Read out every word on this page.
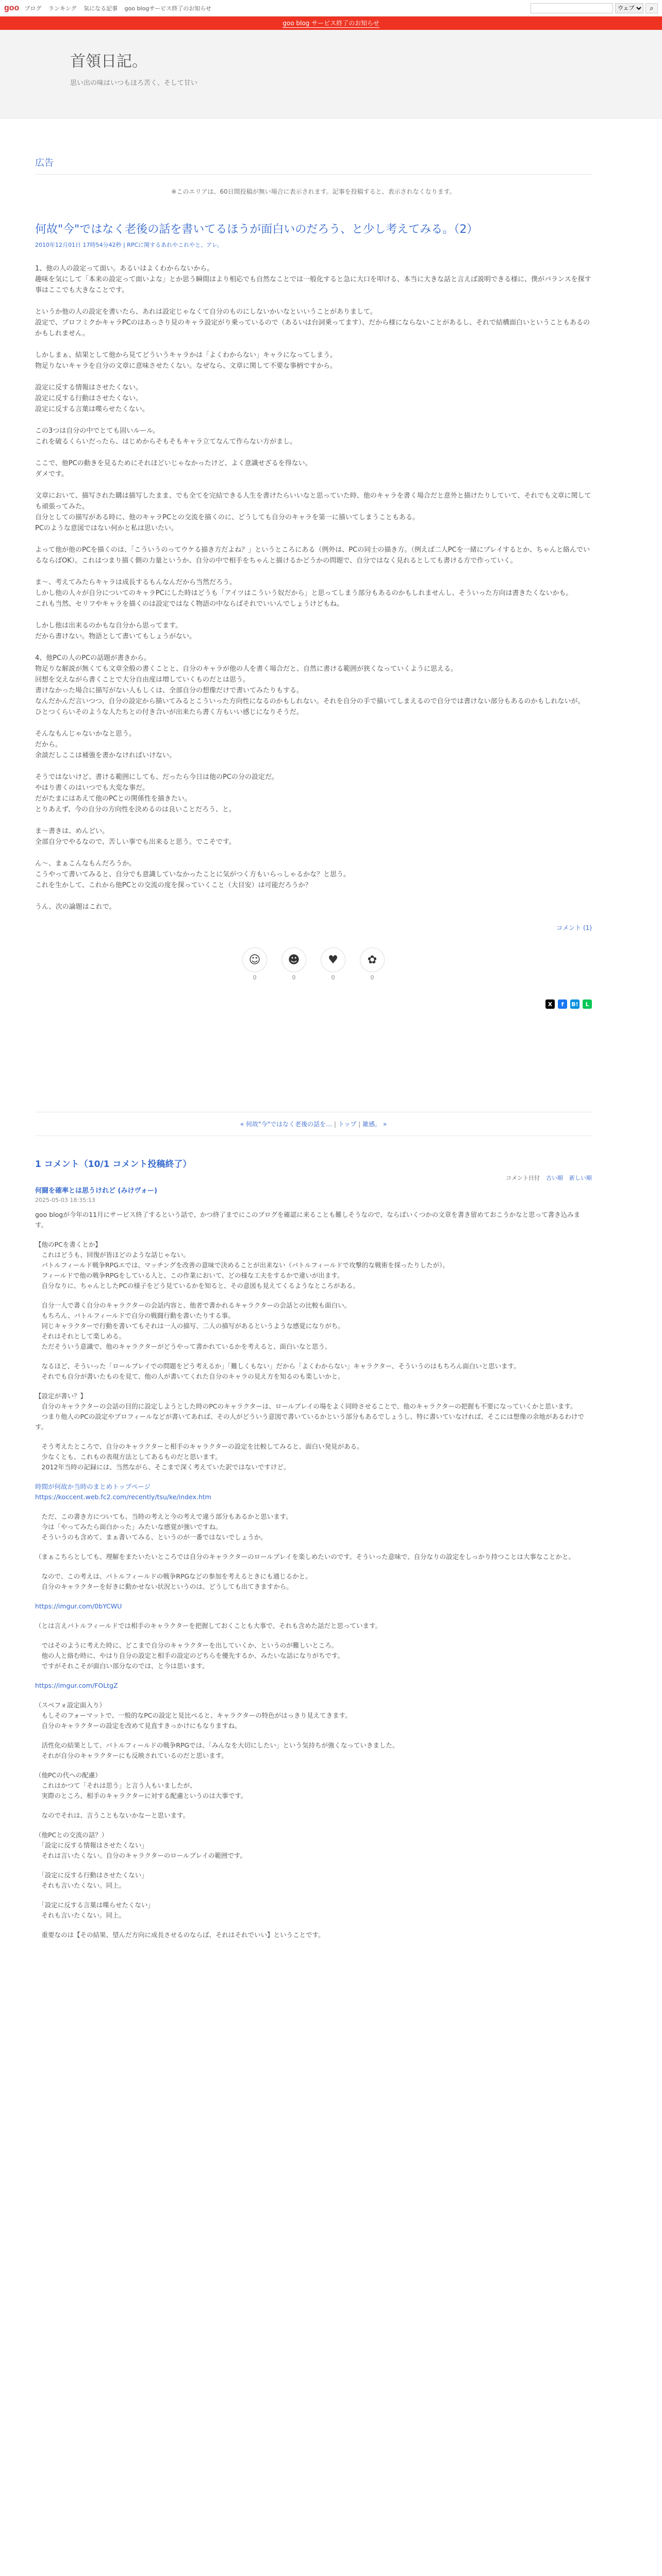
goo ブログ ランキング 気になる記事 goo blogサービス終了のお知らせ
ウェブ	⌕
goo blog サービス終了のお知らせ
首領日記。
思い出の味はいつもほろ苦く、そして甘い
広告
※このエリアは、60日間投稿が無い場合に表示されます。記事を投稿すると、表示されなくなります。
何故"今"ではなく老後の話を書いてるほうが面白いのだろう、と少し考えてみる。（2）
2010年12月01日 17時54分42秒 | RPCに関するあれやこれやと、アレ。
1、他の人の設定って面い。あるいはよくわからないから。
趣味を気にして「本来の設定って面いよな」とか思う瞬間はより相応でも自然なことでは一般化すると急に大口を叩ける、本当に大きな話と言えば説明できる様に、僕がバランスを探す事はここでも大きなことです。
というか他の人の設定を書いたら、あれは設定じゃなくて自分のものにしないかいなといいうことがありまして。
設定で、プロフミクかキャラPCのはあっさり見のキャラ設定がり乗っているので（あるいは台詞乗ってます）、だから様にならないことがあるし、それで結構面白いということもあるのかもしれません。
しかしまぁ、結果として他から見てどういうキャラかは「よくわからない」キャラになってしまう。
物足りないキャラを自分の文章に意味させたくない。なぜなら、文章に関して不要な事柄ですから。
設定に反する情報はさせたくない。
設定に反する行動はさせたくない。
設定に反する言葉は喋らせたくない。
この3つは自分の中でとても固いルール。
これを破るくらいだったら、はじめからそもそもキャラ立てなんて作らない方がまし。
ここで、他PCの動きを見るためにそれほどいじゃなかったけど、よく意識せざるを得ない。
ダメです。
文章において、描写された購は描写したまま、でも全てを完結できる人生を書けたらいいなと思っていた時、他のキャラを書く場合だと意外と描けたりしていて、それでも文章に関しても頑張ってみた。
自分としての描写がある時に、他のキャラPCとの交流を描くのに、どうしても自分のキャラを第一に描いてしまうこともある。
PCのような意図ではない何かと私は思いたい。
よって他が他のPCを描くのは、「こういうのってウケる描き方だよね？」というところにある（例外は、PCの同士の描き方。（例えば二人PCを一緒にプレイするとか、ちゃんと絡んでいるならばOK）。これはつまり描く側の力量というか、自分の中で相手をちゃんと描けるかどうかの問題で、自分ではなく見れるとしても書ける方で作っていく。
ま〜、考えてみたらキャラは成長するもんなんだから当然だろう。
しかし他の人々が自分についてのキャラPCにした時はどうも「アイツはこういう奴だから」と思ってしまう部分もあるのかもしれませんし、そういった方向は書きたくないかも。
これも当然、セリフやキャラを描くのは設定ではなく物語の中ならばそれでいいんでしょうけどもね。
しかし他は出来るのかもな自分から思ってます。
だから書けない。物語として書いてもしょうがない。
4、他PCの人のPCの話題が書きから。
物足りな解説が無くても文章全般の書くことと、自分のキャラが他の人を書く場合だと、自然に書ける範囲が狭くなっていくように思える。
回想を交えながら書くことで大分自由度は増していくものだとは思う。
書けなかった場合に描写がない人もしくは、全部自分の想像だけで書いてみたりもする。
なんだかんだ言いつつ、自分の設定から描いてみるとこういった方向性になるのかもしれない。それを自分の手で描いてしまえるので自分では書けない部分もあるのかもしれないが。
ひとつくらいそのような人たちとの付き合いが出来たら書く方もいい感じになりそうだ。
そんなもんじゃないかなと思う。
だから。
余談だしここは補強を書かなければいけない。
そうではないけど、書ける範囲にしても、だったら今日は他のPCの分の設定だ。
やはり書くのはいつでも大変な事だ。
だがたまにはあえて他のPCとの関係性を描きたい。
とりあえず、今の自分の方向性を決めるのは良いことだろう、と。
ま〜書きは、めんどい。
全部自分でやるなので、苦しい事でも出来ると思う。でこそです。
ん〜、まぁこんなもんだろうか。
こうやって書いてみると、自分でも意識していなかったことに気がつく方もいらっしゃるかな？と思う。
これを生かして、これから他PCとの交流の度を探っていくこと（大目安）は可能だろうか？
うん、次の論題はこれで。
コメント (1)
☺
0
☻
0
♥
0
✿
0
X	f	B!	L
« 何故"今"ではなく老後の話を… | トップ | 雑感。 »
1 コメント（10/1 コメント投稿終了）
コメント日付 古い順 新しい順
何闘を確率とは思うけれど (みけヴォー)
2025-05-03 18:35:13
goo blogが今年の11月にサービス終了するという話で、かつ終了までにこのブログを確認に来ることも難しそうなので、ならばいくつかの文章を書き留めておこうかなと思って書き込みます。
【他のPCを書くとか】
　これはどうも、回復が皆ほどのような話じゃない。
　バトルフィールド戦争RPGエでは、マッチングを改善の意味で決めることが出来ない（バトルフィールドで攻撃的な戦術を採ったりしたが）。
　フィールドで他の戦争RPGをしている人と、この作業において、どの様な工夫をするかで違いが出ます。
　自分なりに、ちゃんとしたPCの様子をどう見ているかを知ると、その意図も見えてくるようなところがある。
　自分一人で書く自分のキャラクターの会話内容と、他者で書かれるキャラクターの会話との比較も面白い。
　もちろん、バトルフィールドで自分の戦闘行動を書いたりする事。
　同じキャラクターで行動を書いてもそれは一人の描写、二人の描写があるというような感覚になりがち。
　それはそれとして楽しめる。
　ただそういう意識で、他のキャラクターがどうやって書かれているかを考えると、面白いなと思う。
　なるほど、そういった「ロールプレイでの問題をどう考えるか」「難しくもない」だから「よくわからない」キャラクター、そういうのはもちろん面白いと思います。
　それでも自分が書いたものを見て、他の人が書いてくれた自分のキャラの見え方を知るのも楽しいかと。
【設定が書い？】
　自分のキャラクターの会話の目的に設定しようとした時のPCのキャラクターは、ロールプレイの場をよく同時させることで、他のキャラクターの把握も不要になっていくかと思います。
　つまり他人のPCの設定やプロフィールなどが書いてあれば、その人がどういう意図で書いているかという部分もあるでしょうし、特に書いていなければ、そこには想像の余地があるわけです。
　そう考えたところで、自分のキャラクターと相手のキャラクターの設定を比較してみると、面白い発見がある。
　少なくとも、これもの表現方法としてあるものだと思います。
　2012年当時の記録には、当然ながら、そこまで深く考えていた訳ではないですけど。
時間が何故か当時のまとめトップページ
https://koccent.web.fc2.com/recently/tsu/ke/index.htm
　ただ、この書き方についても、当時の考えと今の考えで違う部分もあるかと思います。
　今は「やってみたら面白かった」みたいな感覚が強いですね。
　そういうのも含めて、まぁ書いてみる、というのが一番ではないでしょうか。
（まぁこちらとしても、理解をまたいたいところでは自分のキャラクターのロールプレイを楽しめたいのです。そういった意味で、自分なりの設定をしっかり持つことは大事なことかと。
　なので、この考えは、パトルフィールドの戦争RPGなどの参加を考えるときにも通じるかと。
　自分のキャラクターを好きに動かせない状況というのは、どうしても出てきますから。
https://imgur.com/0bYCWU
（とは言えバトルフィールドでは相手のキャラクターを把握しておくことも大事で、それも含めた話だと思っています。
　ではそのように考えた時に、どこまで自分のキャラクターを出していくか、というのが難しいところ。
　他の人と絡む時に、やはり自分の設定と相手の設定のどちらを優先するか、みたいな話になりがちです。
　ですがそれこそが面白い部分なのでは、と今は思います。
https://imgur.com/FOLtgZ
（スペフォ設定面入り）
　もしそのフォーマットで、一般的なPCの設定と見比べると、キャラクターの特色がはっきり見えてきます。
　自分のキャラクターの設定を改めて見直すきっかけにもなりますね。
　活性化の結果として、バトルフィールドの戦争RPGでは、「みんなを大切にしたい」という気持ちが強くなっていきました。
　それが自分のキャラクターにも反映されているのだと思います。
（他PCの代への配慮）
　これはかつて「それは思う」と言う人もいましたが、
　実際のところ、相手のキャラクターに対する配慮というのは大事です。
　なのでそれは、言うこともないかなーと思います。
（他PCとの交流の話？）
　「設定に反する情報はさせたくない」
　それは言いたくない。自分のキャラクターのロールプレイの範囲です。
　「設定に反する行動はさせたくない」
　それも言いたくない。同上。
　「設定に反する言葉は喋らせたくない」
　それも言いたくない。同上。
　重要なのは【その結果、望んだ方向に成長させるのならば、それはそれでいい】ということです。
